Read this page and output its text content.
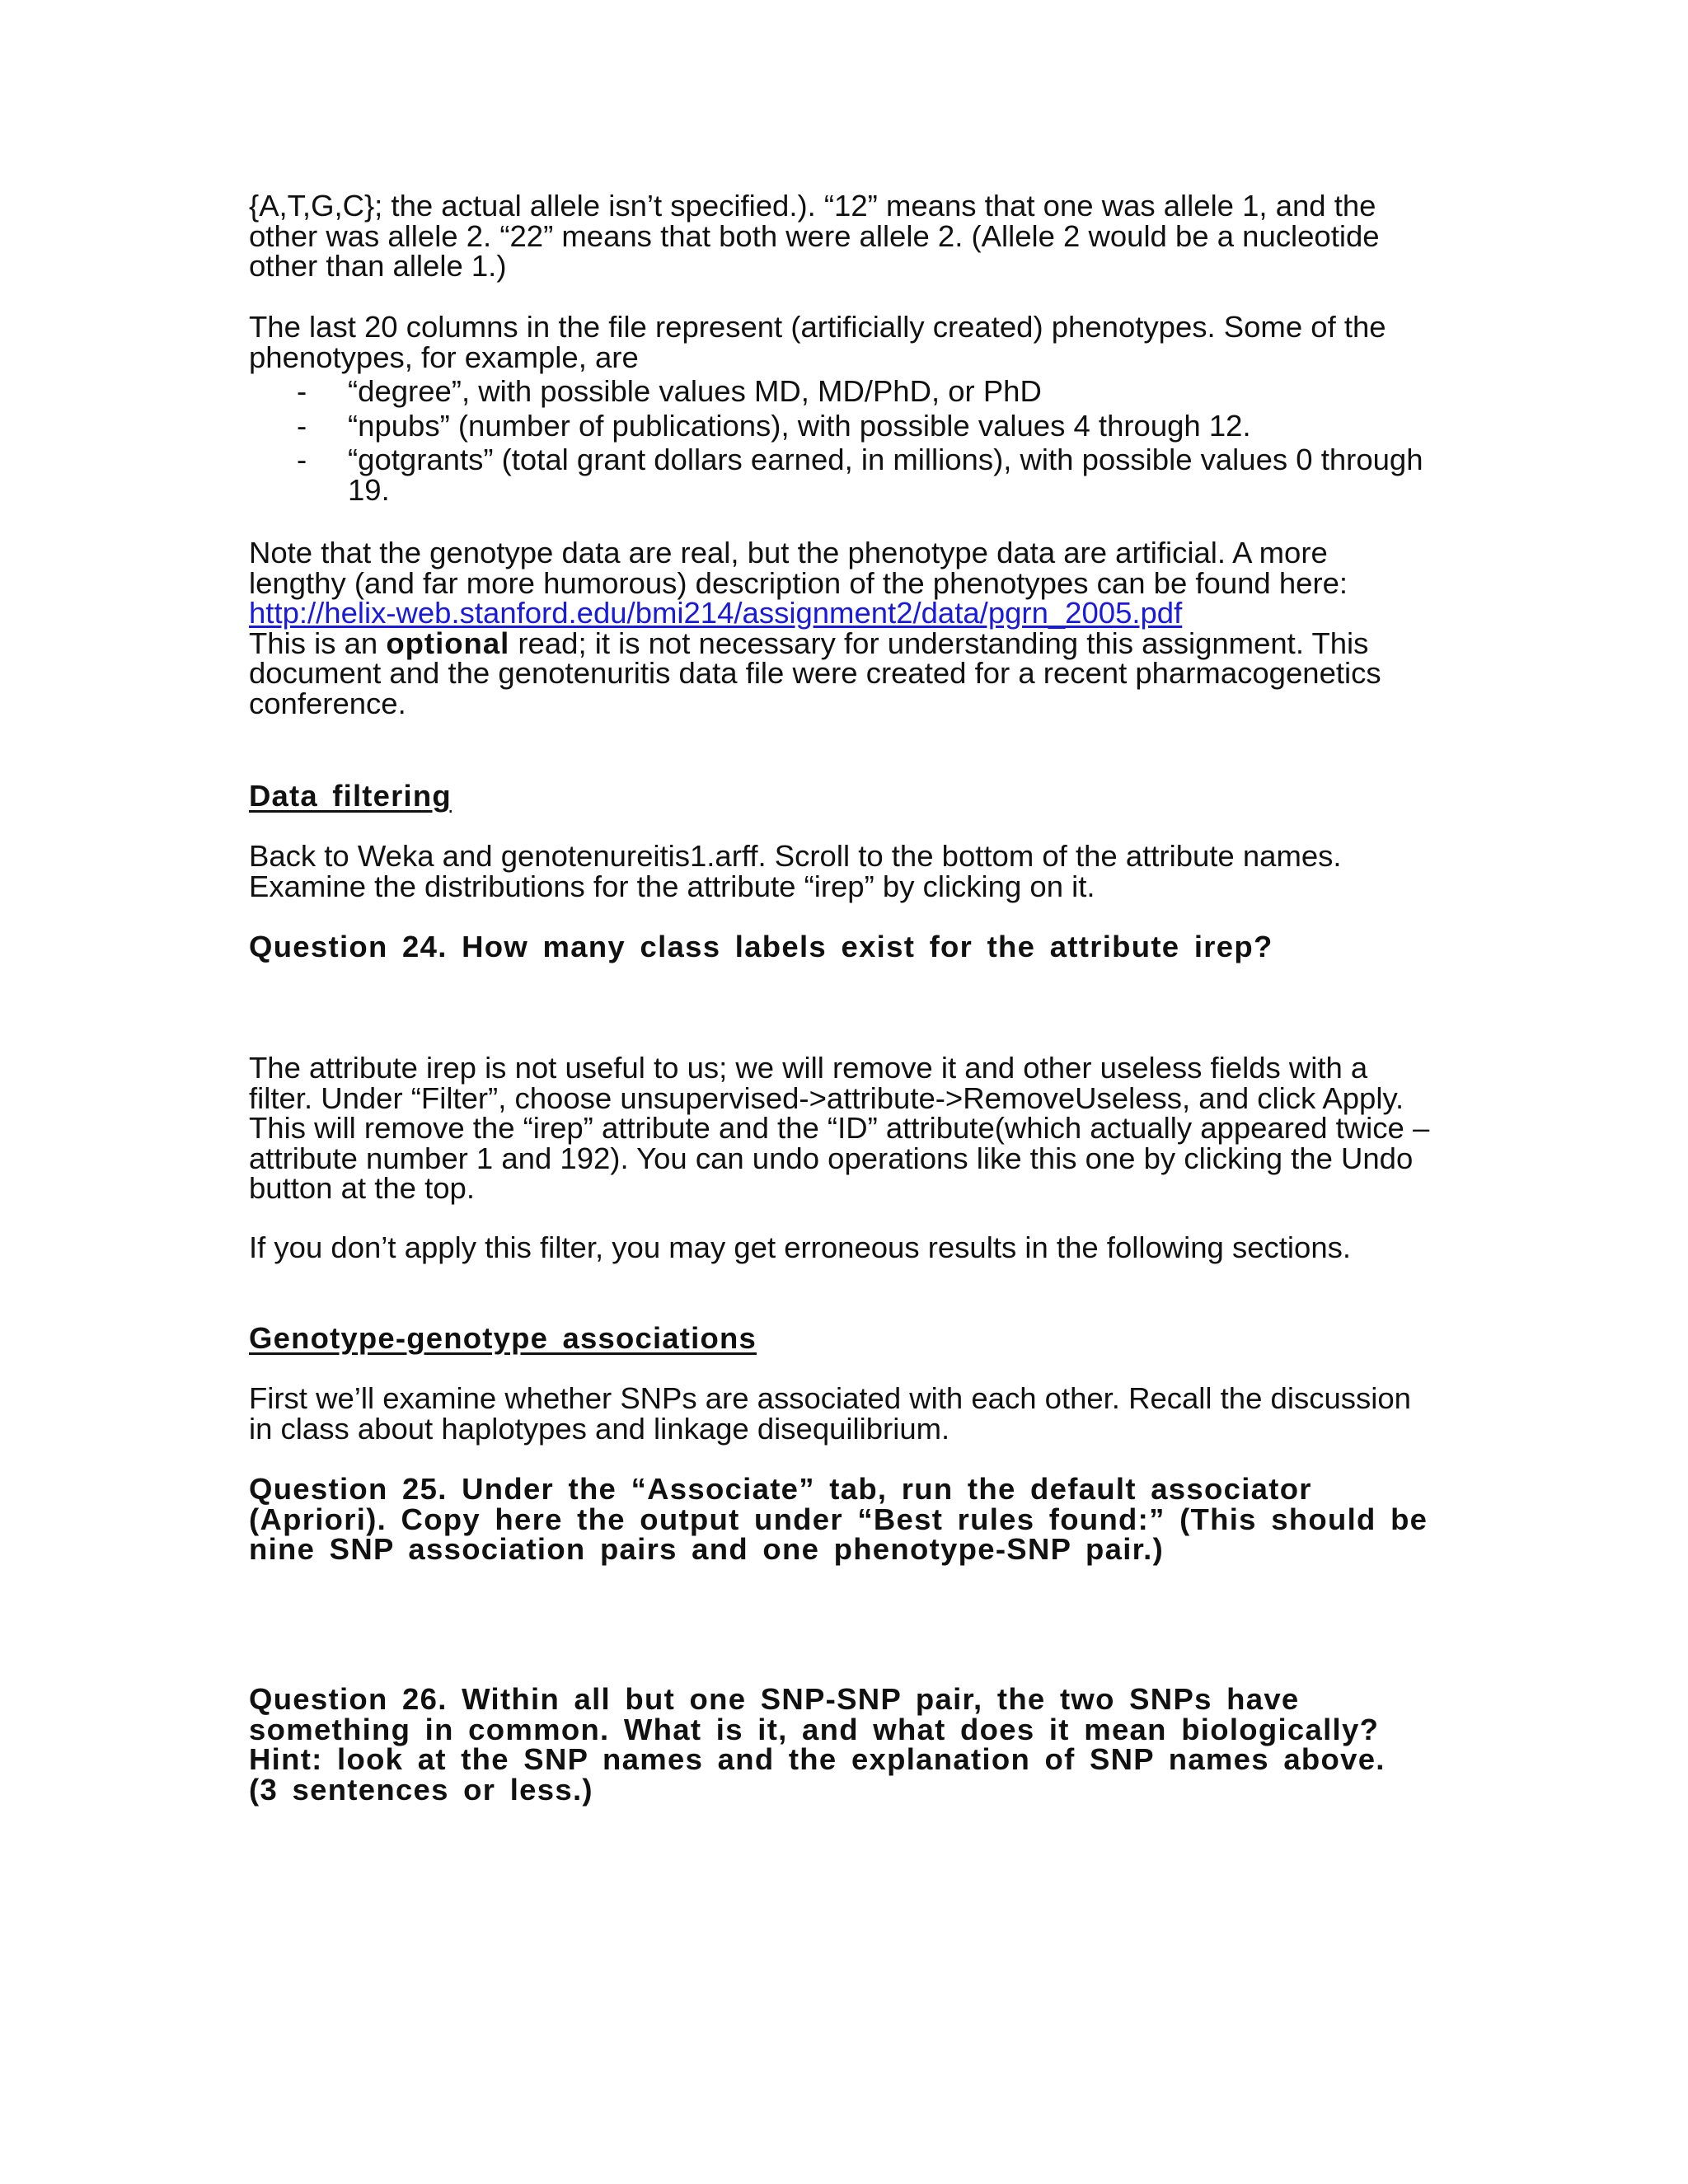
{A,T,G,C}; the actual allele isn’t specified.). “12” means that one was allele 1, and the
other was allele 2. “22” means that both were allele 2. (Allele 2 would be a nucleotide
other than allele 1.)
The last 20 columns in the file represent (artificially created) phenotypes. Some of the
phenotypes, for example, are
- “degree”, with possible values MD, MD/PhD, or PhD
- “npubs” (number of publications), with possible values 4 through 12.
- “gotgrants” (total grant dollars earned, in millions), with possible values 0 through
19.
Note that the genotype data are real, but the phenotype data are artificial. A more
lengthy (and far more humorous) description of the phenotypes can be found here:
http://helix-web.stanford.edu/bmi214/assignment2/data/pgrn_2005.pdf
This is an optional read; it is not necessary for understanding this assignment. This
document and the genotenuritis data file were created for a recent pharmacogenetics
conference.
Data filtering
Back to Weka and genotenureitis1.arff. Scroll to the bottom of the attribute names.
Examine the distributions for the attribute “irep” by clicking on it.
Question 24. How many class labels exist for the attribute irep?
The attribute irep is not useful to us; we will remove it and other useless fields with a
filter. Under “Filter”, choose unsupervised->attribute->RemoveUseless, and click Apply.
This will remove the “irep” attribute and the “ID” attribute(which actually appeared twice –
attribute number 1 and 192). You can undo operations like this one by clicking the Undo
button at the top.
If you don’t apply this filter, you may get erroneous results in the following sections.
Genotype-genotype associations
First we’ll examine whether SNPs are associated with each other. Recall the discussion
in class about haplotypes and linkage disequilibrium.
Question 25. Under the “Associate” tab, run the default associator
(Apriori). Copy here the output under “Best rules found:” (This should be
nine SNP association pairs and one phenotype-SNP pair.)
Question 26. Within all but one SNP-SNP pair, the two SNPs have
something in common. What is it, and what does it mean biologically?
Hint: look at the SNP names and the explanation of SNP names above.
(3 sentences or less.)
